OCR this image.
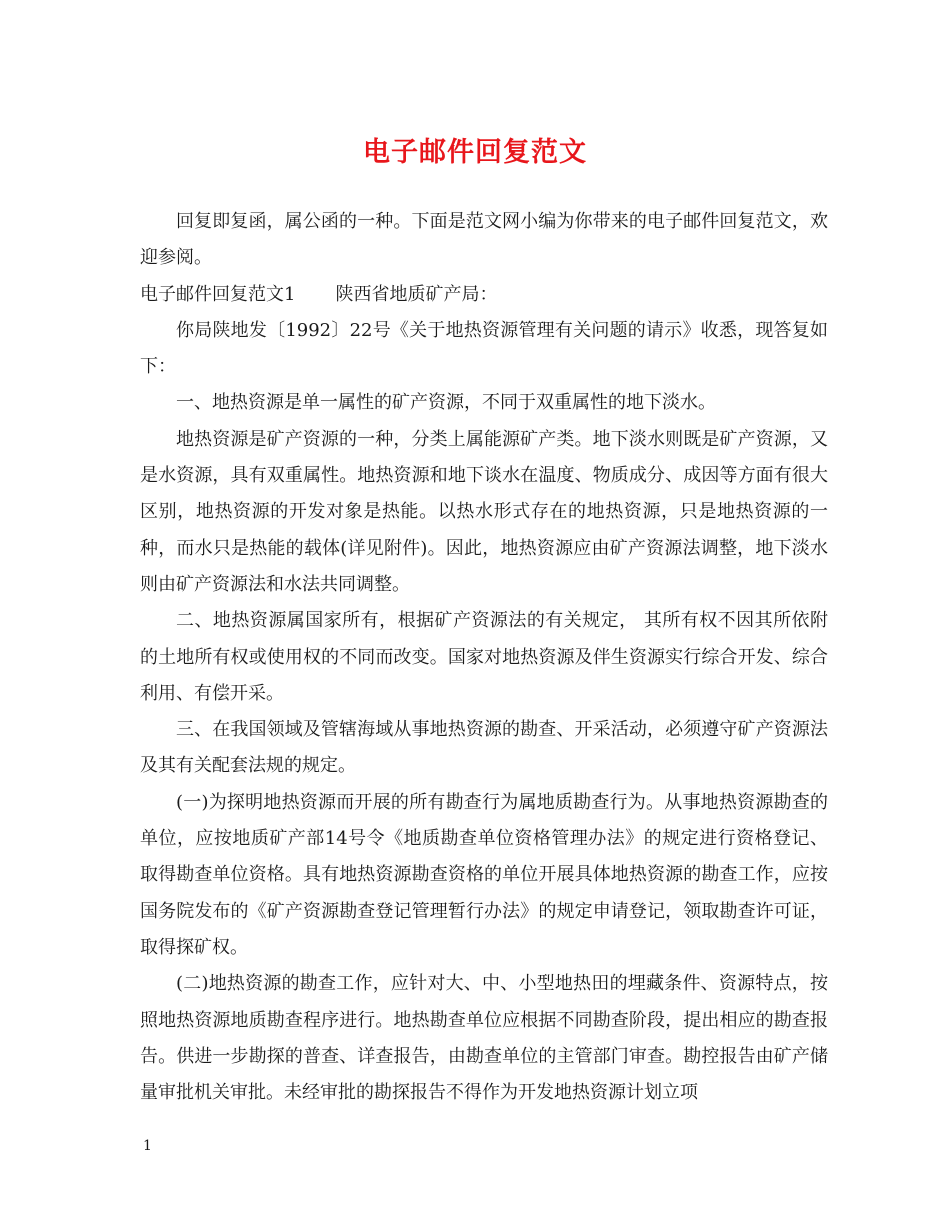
电子邮件回复范文

回复即复函，属公函的一种。下面是范文网小编为你带来的电子邮件回复范文，欢迎参阅。

电子邮件回复范文1 陕西省地质矿产局：

你局陕地发〔1992〕22号《关于地热资源管理有关问题的请示》收悉，现答复如下：

一、地热资源是单一属性的矿产资源，不同于双重属性的地下淡水。

地热资源是矿产资源的一种，分类上属能源矿产类。地下淡水则既是矿产资源，又是水资源，具有双重属性。地热资源和地下谈水在温度、物质成分、成因等方面有很大区别，地热资源的开发对象是热能。以热水形式存在的地热资源，只是地热资源的一种，而水只是热能的载体(详见附件)。因此，地热资源应由矿产资源法调整，地下淡水则由矿产资源法和水法共同调整。

二、地热资源属国家所有，根据矿产资源法的有关规定， 其所有权不因其所依附的土地所有权或使用权的不同而改变。国家对地热资源及伴生资源实行综合开发、综合利用、有偿开采。

三、在我国领域及管辖海域从事地热资源的勘查、开采活动，必须遵守矿产资源法及其有关配套法规的规定。

(一)为探明地热资源而开展的所有勘查行为属地质勘查行为。从事地热资源勘查的单位，应按地质矿产部14号令《地质勘查单位资格管理办法》的规定进行资格登记、取得勘查单位资格。具有地热资源勘查资格的单位开展具体地热资源的勘查工作，应按国务院发布的《矿产资源勘查登记管理暂行办法》的规定申请登记，领取勘查许可证，取得探矿权。

(二)地热资源的勘查工作，应针对大、中、小型地热田的埋藏条件、资源特点，按照地热资源地质勘查程序进行。地热勘查单位应根据不同勘查阶段，提出相应的勘查报告。供进一步勘探的普查、详查报告，由勘查单位的主管部门审查。勘控报告由矿产储量审批机关审批。未经审批的勘探报告不得作为开发地热资源计划立项

1
